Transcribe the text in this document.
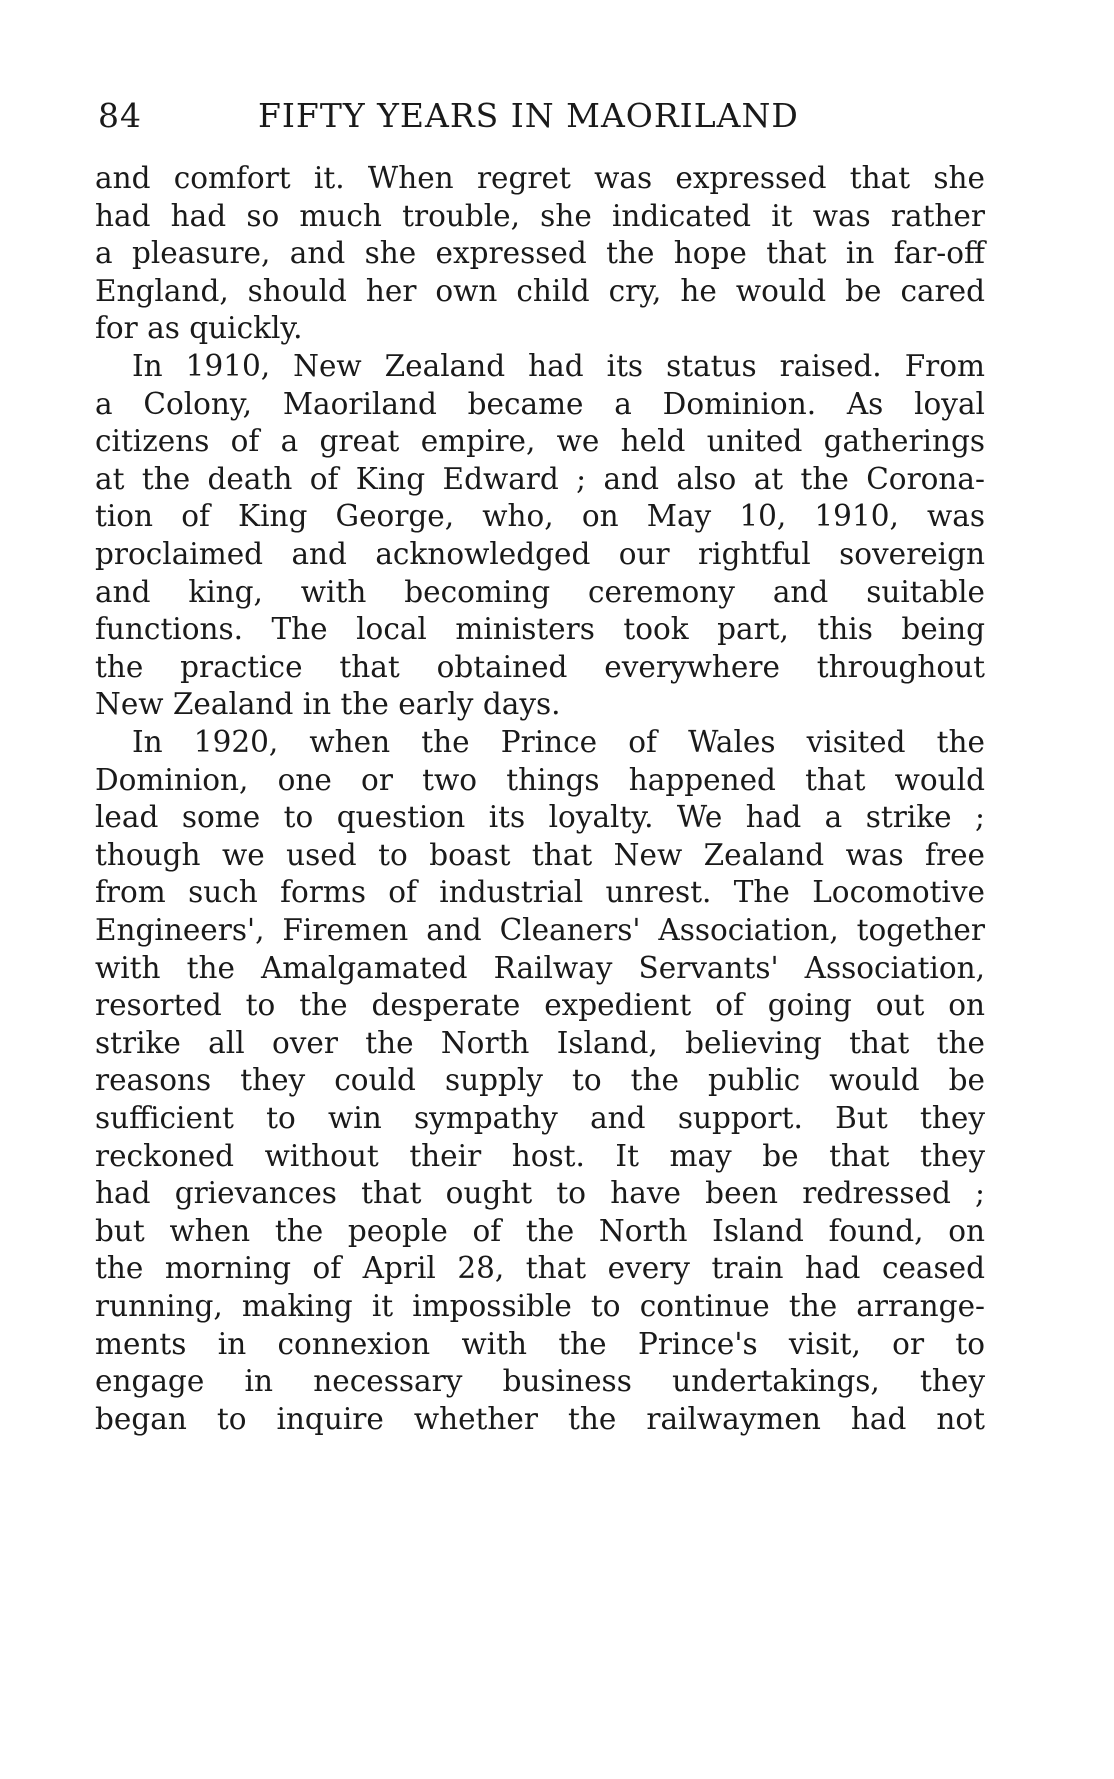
84	FIFTY YEARS IN MAORILAND
and comfort it. When regret was expressed that she
had had so much trouble, she indicated it was rather
a pleasure, and she expressed the hope that in far-off
England, should her own child cry, he would be cared
for as quickly.
In 1910, New Zealand had its status raised. From
a Colony, Maoriland became a Dominion. As loyal
citizens of a great empire, we held united gatherings
at the death of King Edward ; and also at the Corona-
tion of King George, who, on May 10, 1910, was
proclaimed and acknowledged our rightful sovereign
and king, with becoming ceremony and suitable
functions. The local ministers took part, this being
the practice that obtained everywhere throughout
New Zealand in the early days.
In 1920, when the Prince of Wales visited the
Dominion, one or two things happened that would
lead some to question its loyalty. We had a strike ;
though we used to boast that New Zealand was free
from such forms of industrial unrest. The Locomotive
Engineers', Firemen and Cleaners' Association, together
with the Amalgamated Railway Servants' Association,
resorted to the desperate expedient of going out on
strike all over the North Island, believing that the
reasons they could supply to the public would be
sufficient to win sympathy and support. But they
reckoned without their host. It may be that they
had grievances that ought to have been redressed ;
but when the people of the North Island found, on
the morning of April 28, that every train had ceased
running, making it impossible to continue the arrange-
ments in connexion with the Prince's visit, or to
engage in necessary business undertakings, they
began to inquire whether the railwaymen had not
